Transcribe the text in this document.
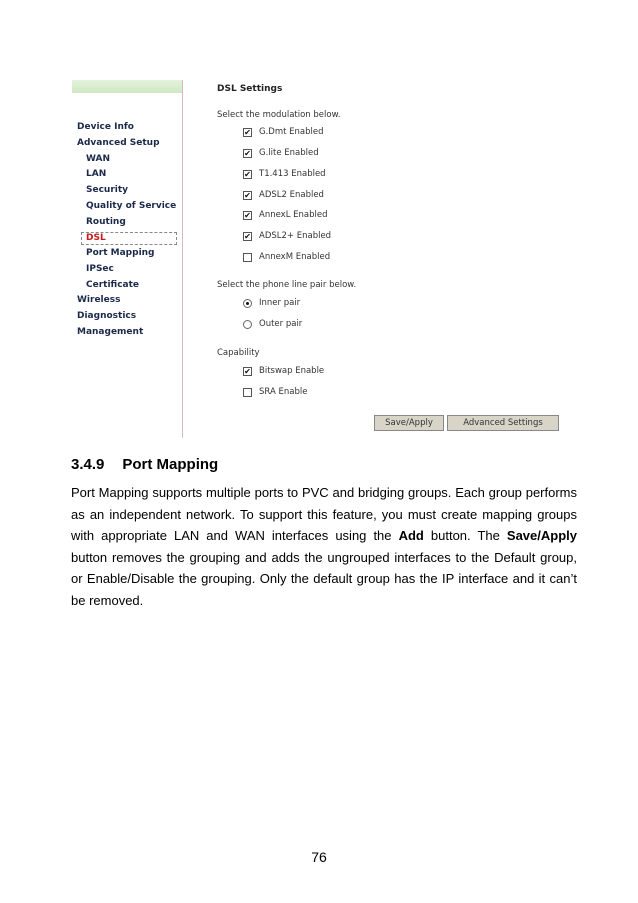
Device Info
Advanced Setup
WAN
LAN
Security
Quality of Service
Routing
DSL
Port Mapping
IPSec
Certificate
Wireless
Diagnostics
Management
DSL Settings
Select the modulation below.
✔ G.Dmt Enabled
✔ G.lite Enabled
✔ T1.413 Enabled
✔ ADSL2 Enabled
✔ AnnexL Enabled
✔ ADSL2+ Enabled
AnnexM Enabled
Select the phone line pair below.
Inner pair
Outer pair
Capability
✔ Bitswap Enable
SRA Enable
Save/Apply	Advanced Settings
3.4.9 Port Mapping
Port Mapping supports multiple ports to PVC and bridging groups. Each group performs as an independent network. To support this feature, you must create mapping groups with appropriate LAN and WAN interfaces using the Add button. The Save/Apply button removes the grouping and adds the ungrouped interfaces to the Default group, or Enable/Disable the grouping. Only the default group has the IP interface and it can’t be removed.
76
